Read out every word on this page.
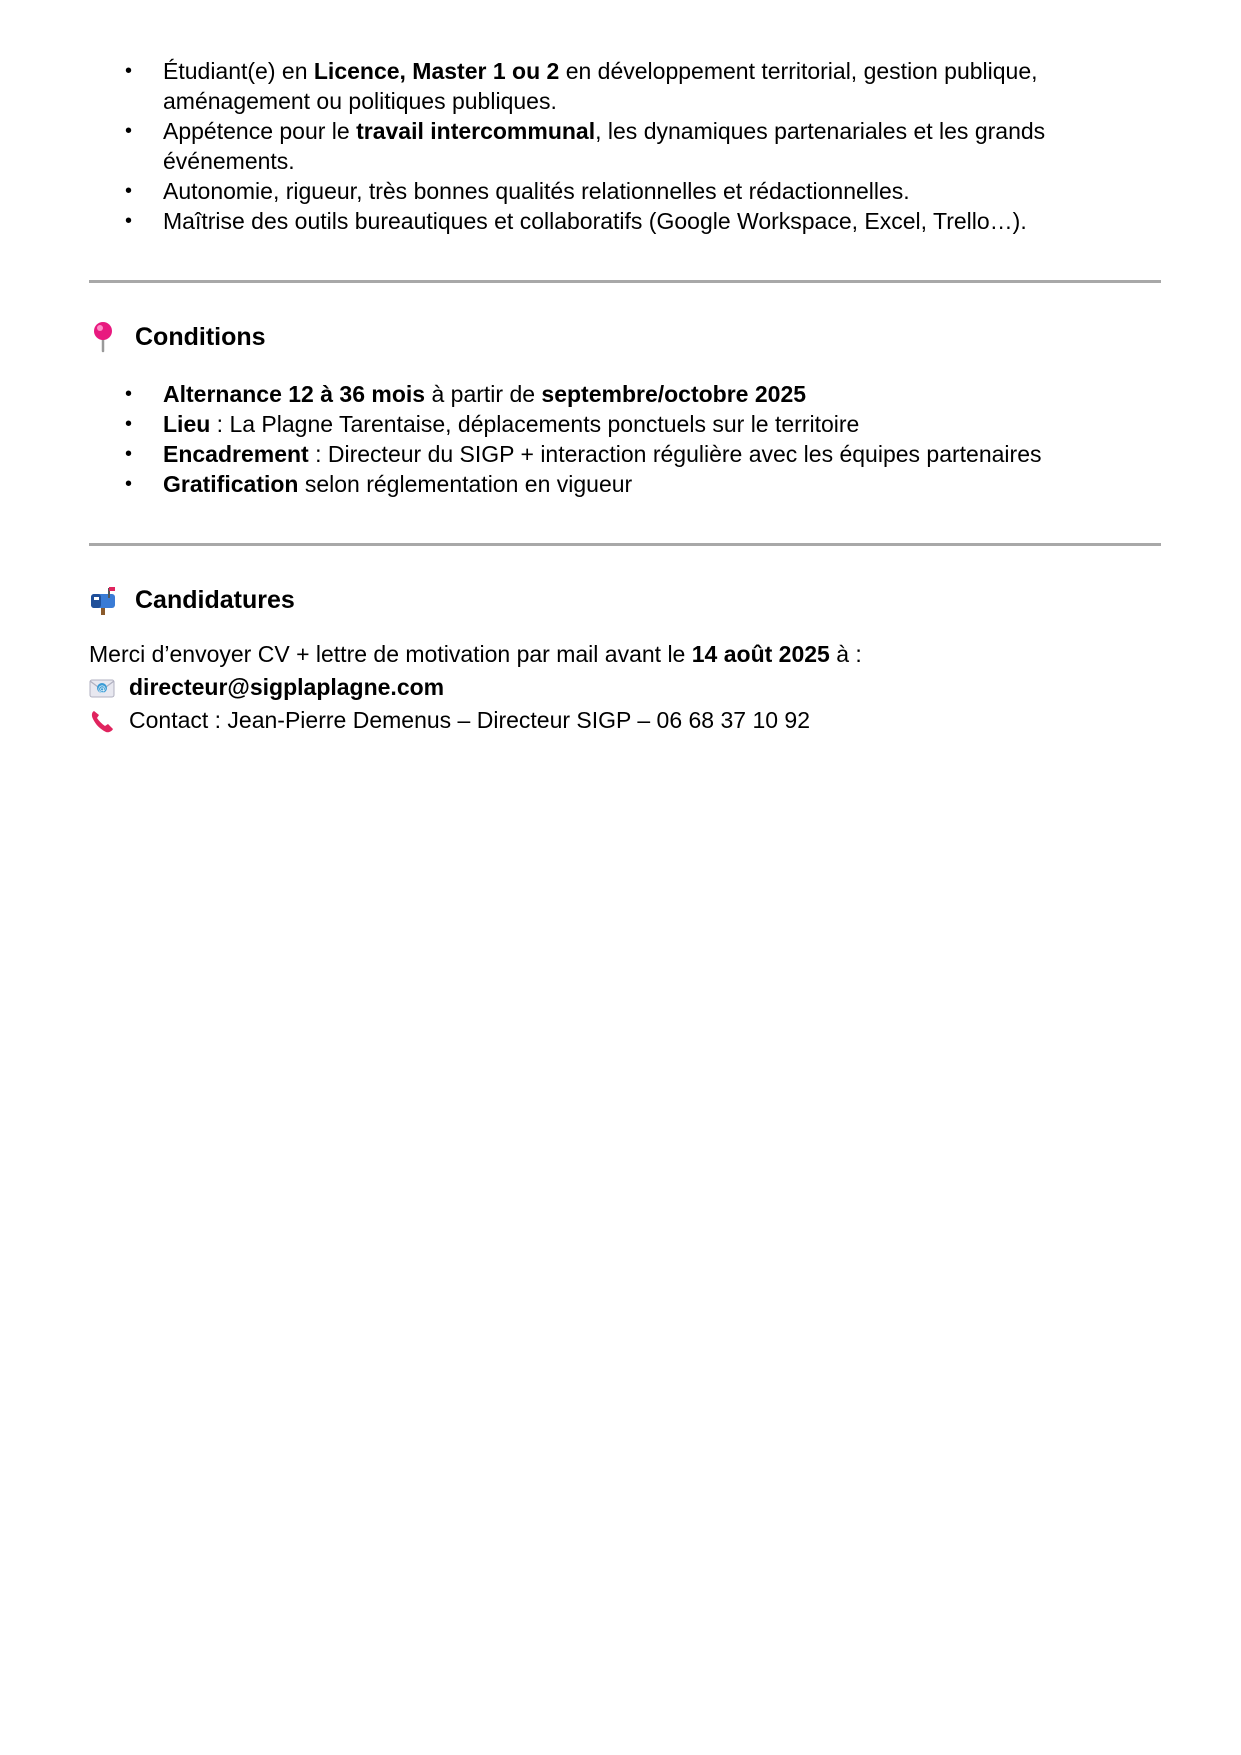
• Étudiant(e) en Licence, Master 1 ou 2 en développement territorial, gestion publique, aménagement ou politiques publiques.
• Appétence pour le travail intercommunal, les dynamiques partenariales et les grands événements.
• Autonomie, rigueur, très bonnes qualités relationnelles et rédactionnelles.
• Maîtrise des outils bureautiques et collaboratifs (Google Workspace, Excel, Trello…).
Conditions
• Alternance 12 à 36 mois à partir de septembre/octobre 2025
• Lieu : La Plagne Tarentaise, déplacements ponctuels sur le territoire
• Encadrement : Directeur du SIGP + interaction régulière avec les équipes partenaires
• Gratification selon réglementation en vigueur
Candidatures
Merci d’envoyer CV + lettre de motivation par mail avant le 14 août 2025 à :
@ directeur@sigplaplagne.com
Contact : Jean-Pierre Demenus – Directeur SIGP – 06 68 37 10 92
